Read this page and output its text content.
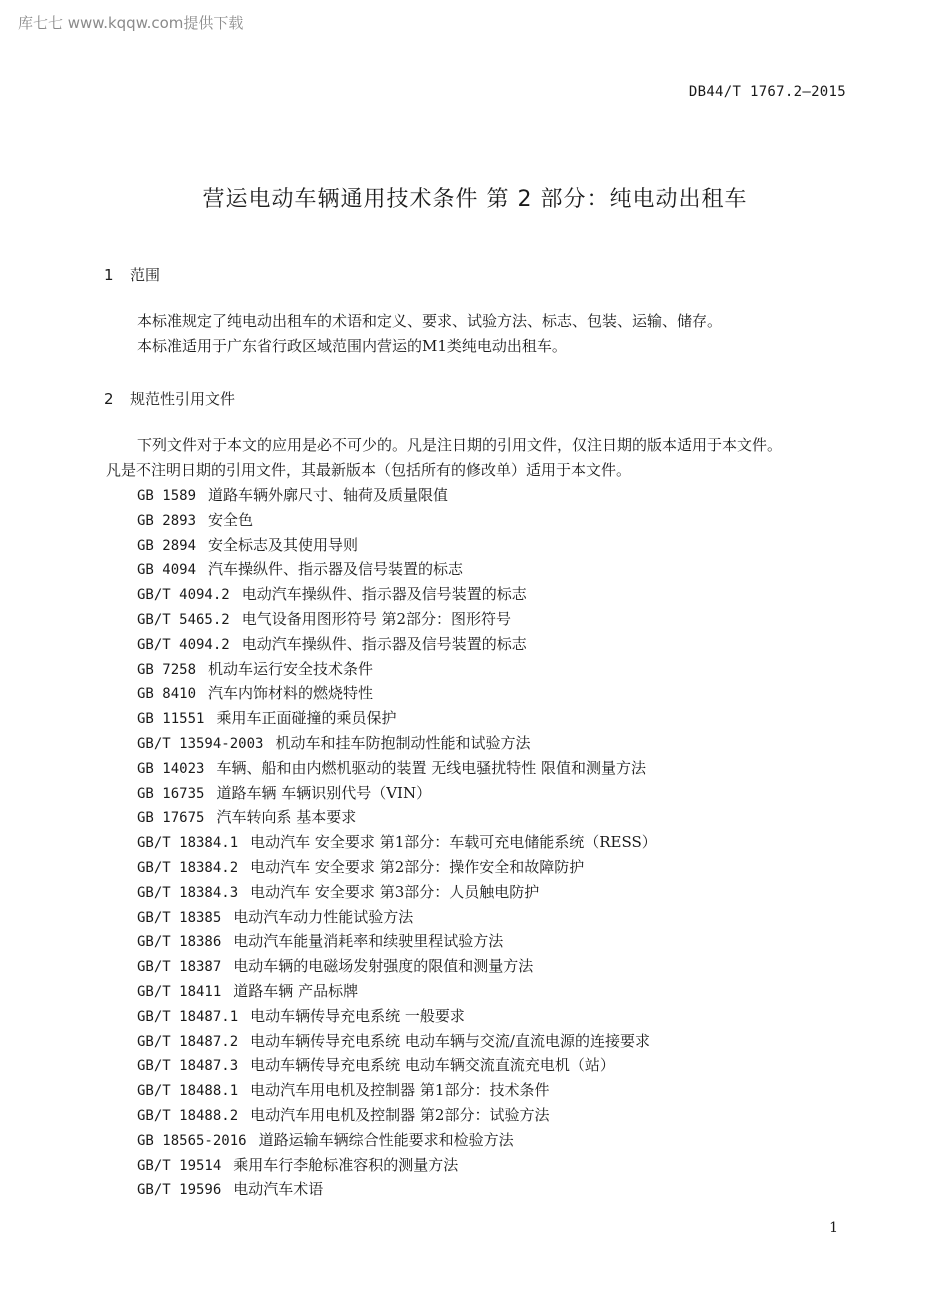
库七七 www.kqqw.com提供下载
DB44/T 1767.2—2015
营运电动车辆通用技术条件 第 2 部分：纯电动出租车
1 范围
本标准规定了纯电动出租车的术语和定义、要求、试验方法、标志、包装、运输、储存。
本标准适用于广东省行政区域范围内营运的M1类纯电动出租车。
2 规范性引用文件
下列文件对于本文的应用是必不可少的。凡是注日期的引用文件，仅注日期的版本适用于本文件。
凡是不注明日期的引用文件，其最新版本（包括所有的修改单）适用于本文件。
GB 1589 道路车辆外廓尺寸、轴荷及质量限值
GB 2893 安全色
GB 2894 安全标志及其使用导则
GB 4094 汽车操纵件、指示器及信号装置的标志
GB/T 4094.2 电动汽车操纵件、指示器及信号装置的标志
GB/T 5465.2 电气设备用图形符号 第2部分：图形符号
GB/T 4094.2 电动汽车操纵件、指示器及信号装置的标志
GB 7258 机动车运行安全技术条件
GB 8410 汽车内饰材料的燃烧特性
GB 11551 乘用车正面碰撞的乘员保护
GB/T 13594-2003 机动车和挂车防抱制动性能和试验方法
GB 14023 车辆、船和由内燃机驱动的装置 无线电骚扰特性 限值和测量方法
GB 16735 道路车辆 车辆识别代号（VIN）
GB 17675 汽车转向系 基本要求
GB/T 18384.1 电动汽车 安全要求 第1部分：车载可充电储能系统（RESS）
GB/T 18384.2 电动汽车 安全要求 第2部分：操作安全和故障防护
GB/T 18384.3 电动汽车 安全要求 第3部分：人员触电防护
GB/T 18385 电动汽车动力性能试验方法
GB/T 18386 电动汽车能量消耗率和续驶里程试验方法
GB/T 18387 电动车辆的电磁场发射强度的限值和测量方法
GB/T 18411 道路车辆 产品标牌
GB/T 18487.1 电动车辆传导充电系统 一般要求
GB/T 18487.2 电动车辆传导充电系统 电动车辆与交流/直流电源的连接要求
GB/T 18487.3 电动车辆传导充电系统 电动车辆交流直流充电机（站）
GB/T 18488.1 电动汽车用电机及控制器 第1部分：技术条件
GB/T 18488.2 电动汽车用电机及控制器 第2部分：试验方法
GB 18565-2016 道路运输车辆综合性能要求和检验方法
GB/T 19514 乘用车行李舱标准容积的测量方法
GB/T 19596 电动汽车术语
1
